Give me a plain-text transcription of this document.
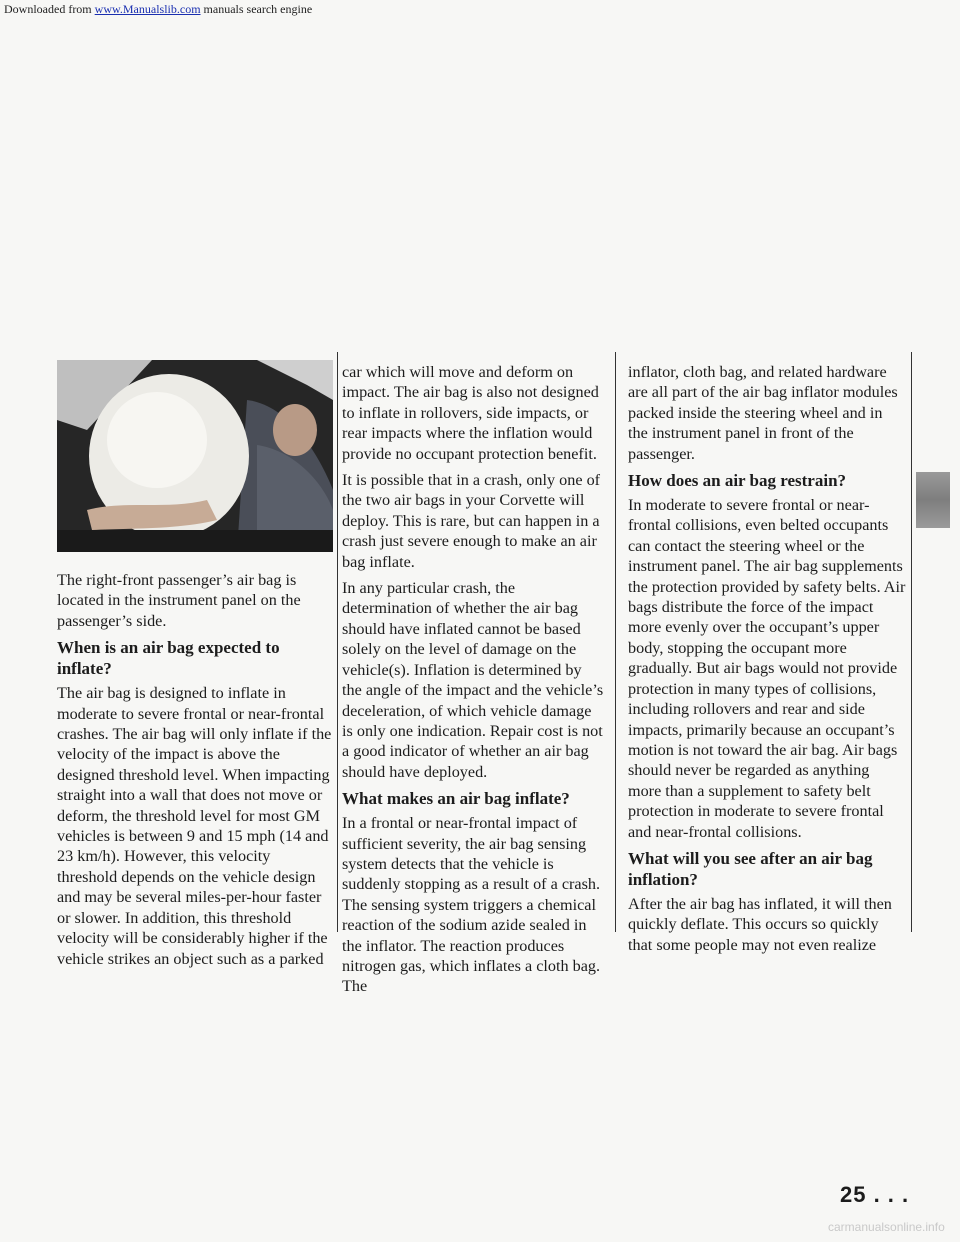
Downloaded from www.Manualslib.com manuals search engine

The right-front passenger’s air bag is located in the instrument panel on the passenger’s side.

When is an air bag expected to inflate?

The air bag is designed to inflate in moderate to severe frontal or near-frontal crashes. The air bag will only inflate if the velocity of the impact is above the designed threshold level. When impacting straight into a wall that does not move or deform, the threshold level for most GM vehicles is between 9 and 15 mph (14 and 23 km/h). However, this velocity threshold depends on the vehicle design and may be several miles-per-hour faster or slower. In addition, this threshold velocity will be considerably higher if the vehicle strikes an object such as a parked

car which will move and deform on impact. The air bag is also not designed to inflate in rollovers, side impacts, or rear impacts where the inflation would provide no occupant protection benefit.

It is possible that in a crash, only one of the two air bags in your Corvette will deploy. This is rare, but can happen in a crash just severe enough to make an air bag inflate.

In any particular crash, the determination of whether the air bag should have inflated cannot be based solely on the level of damage on the vehicle(s). Inflation is determined by the angle of the impact and the vehicle’s deceleration, of which vehicle damage is only one indication. Repair cost is not a good indicator of whether an air bag should have deployed.

What makes an air bag inflate?

In a frontal or near-frontal impact of sufficient severity, the air bag sensing system detects that the vehicle is suddenly stopping as a result of a crash. The sensing system triggers a chemical reaction of the sodium azide sealed in the inflator. The reaction produces nitrogen gas, which inflates a cloth bag. The

inflator, cloth bag, and related hardware are all part of the air bag inflator modules packed inside the steering wheel and in the instrument panel in front of the passenger.

How does an air bag restrain?

In moderate to severe frontal or near-frontal collisions, even belted occupants can contact the steering wheel or the instrument panel. The air bag supplements the protection provided by safety belts. Air bags distribute the force of the impact more evenly over the occupant’s upper body, stopping the occupant more gradually. But air bags would not provide protection in many types of collisions, including rollovers and rear and side impacts, primarily because an occupant’s motion is not toward the air bag. Air bags should never be regarded as anything more than a supplement to safety belt protection in moderate to severe frontal and near-frontal collisions.

What will you see after an air bag inflation?

After the air bag has inflated, it will then quickly deflate. This occurs so quickly that some people may not even realize

25 . . .
carmanualsonline.info
